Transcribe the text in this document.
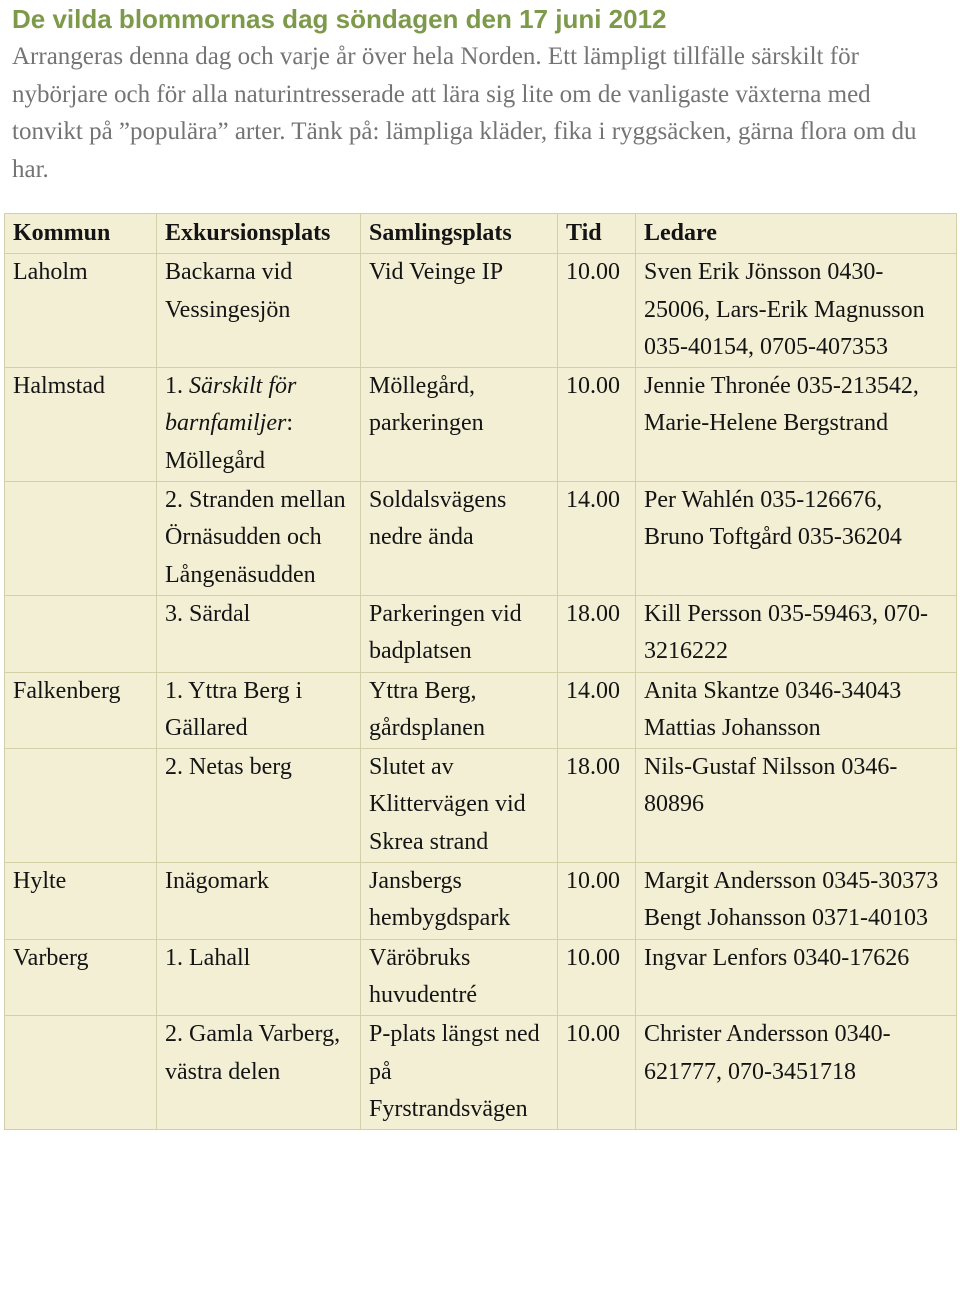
De vilda blommornas dag söndagen den 17 juni 2012

Arrangeras denna dag och varje år över hela Norden. Ett lämpligt tillfälle särskilt för nybörjare och för alla naturintresserade att lära sig lite om de vanligaste växterna med tonvikt på ”populära” arter. Tänk på: lämpliga kläder, fika i ryggsäcken, gärna flora om du har.

Kommun	Exkursionsplats	Samlingsplats	Tid	Ledare
Laholm	Backarna vid Vessingesjön	Vid Veinge IP	10.00	Sven Erik Jönsson 0430-25006, Lars-Erik Magnusson 035-40154, 0705-407353
Halmstad	1. Särskilt för barnfamiljer: Möllegård	Möllegård, parkeringen	10.00	Jennie Thronée 035-213542, Marie-Helene Bergstrand
	2. Stranden mellan Örnäsudden och Långenäsudden	Soldalsvägens nedre ända	14.00	Per Wahlén 035-126676, Bruno Toftgård 035-36204
	3. Särdal	Parkeringen vid badplatsen	18.00	Kill Persson 035-59463, 070-3216222
Falkenberg	1. Yttra Berg i Gällared	Yttra Berg, gårdsplanen	14.00	Anita Skantze 0346-34043 Mattias Johansson
	2. Netas berg	Slutet av Klittervägen vid Skrea strand	18.00	Nils-Gustaf Nilsson 0346-80896
Hylte	Inägomark	Jansbergs hembygdspark	10.00	Margit Andersson 0345-30373 Bengt Johansson 0371-40103
Varberg	1. Lahall	Väröbruks huvudentré	10.00	Ingvar Lenfors 0340-17626
	2. Gamla Varberg, västra delen	P-plats längst ned på Fyrstrandsvägen	10.00	Christer Andersson 0340-621777, 070-3451718
